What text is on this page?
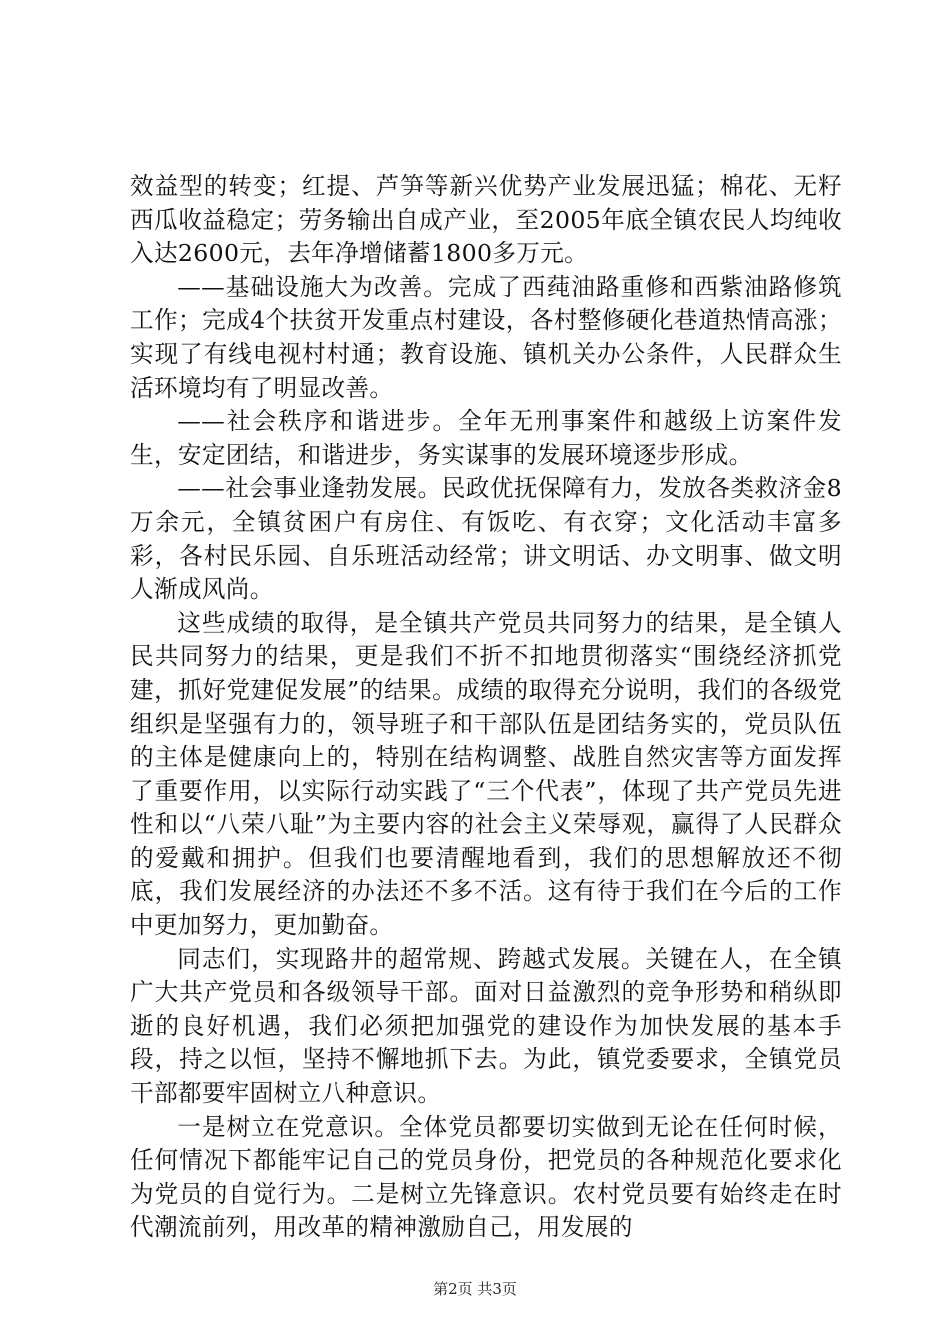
效益型的转变；红提、芦笋等新兴优势产业发展迅猛；棉花、无籽西瓜收益稳定；劳务输出自成产业，至2005年底全镇农民人均纯收入达2600元，去年净增储蓄1800多万元。

——基础设施大为改善。完成了西莼油路重修和西紫油路修筑工作；完成4个扶贫开发重点村建设，各村整修硬化巷道热情高涨；实现了有线电视村村通；教育设施、镇机关办公条件，人民群众生活环境均有了明显改善。

——社会秩序和谐进步。全年无刑事案件和越级上访案件发生，安定团结，和谐进步，务实谋事的发展环境逐步形成。

——社会事业逢勃发展。民政优抚保障有力，发放各类救济金8万余元，全镇贫困户有房住、有饭吃、有衣穿；文化活动丰富多彩，各村民乐园、自乐班活动经常；讲文明话、办文明事、做文明人渐成风尚。

这些成绩的取得，是全镇共产党员共同努力的结果，是全镇人民共同努力的结果，更是我们不折不扣地贯彻落实“围绕经济抓党建，抓好党建促发展”的结果。成绩的取得充分说明，我们的各级党组织是坚强有力的，领导班子和干部队伍是团结务实的，党员队伍的主体是健康向上的，特别在结构调整、战胜自然灾害等方面发挥了重要作用，以实际行动实践了“三个代表”，体现了共产党员先进性和以“八荣八耻”为主要内容的社会主义荣辱观，赢得了人民群众的爱戴和拥护。但我们也要清醒地看到，我们的思想解放还不彻底，我们发展经济的办法还不多不活。这有待于我们在今后的工作中更加努力，更加勤奋。

同志们，实现路井的超常规、跨越式发展。关键在人，在全镇广大共产党员和各级领导干部。面对日益激烈的竞争形势和稍纵即逝的良好机遇，我们必须把加强党的建设作为加快发展的基本手段，持之以恒，坚持不懈地抓下去。为此，镇党委要求，全镇党员干部都要牢固树立八种意识。

一是树立在党意识。全体党员都要切实做到无论在任何时候，任何情况下都能牢记自己的党员身份，把党员的各种规范化要求化为党员的自觉行为。二是树立先锋意识。农村党员要有始终走在时代潮流前列，用改革的精神激励自己，用发展的

第2页 共3页
